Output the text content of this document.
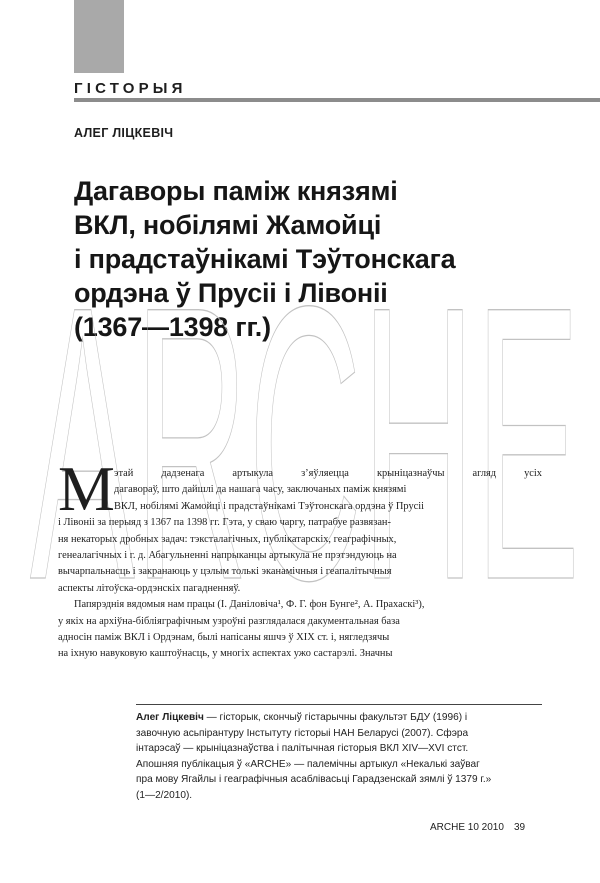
ГІСТОРЫЯ
АЛЕГ ЛІЦКЕВІЧ
Дагаворы паміж князямі
ВКЛ, нобілямі Жамойці
і прадстаўнікамі Тэўтонскага
ордэна ў Прусіі і Лівоніі
(1367—1398 гг.)
ARCHE
М этай дадзенага артыкула з’яўляецца крыніцазнаўчы агляд усіх
дагавораў, што дайшлі да нашага часу, заключаных паміж князямі
ВКЛ, нобілямі Жамойці і прадстаўнікамі Тэўтонскага ордэна ў Прусіі
і Лівоніі за перыяд з 1367 па 1398 гг. Гэта, у сваю чаргу, патрабуе развязан-
ня некаторых дробных задач: тэксталагічных, публікатарскіх, геаграфічных,
генеалагічных і г. д. Абагульненні напрыканцы артыкула не прэтэндуюць на
вычарпальнасць і закранаюць у цэлым толькі эканамічныя і геапалітычныя
аспекты літоўска-ордэнскіх пагадненняў.
Папярэднія вядомыя нам працы (І. Даніловіча¹, Ф. Г. фон Бунге², А. Прахаскі³),
у якіх на архіўна-бібліяграфічным узроўні разглядалася дакументальная база
адносін паміж ВКЛ і Ордэнам, былі напісаны яшчэ ў XIX ст. і, нягледзячы
на іхную навуковую каштоўнасць, у многіх аспектах ужо састарэлі. Значны
Алег Ліцкевіч — гісторык, скончыў гістарычны факультэт БДУ (1996) і
завочную асьпірантуру Інстытуту гісторыі НАН Беларусі (2007). Сфэра
інтарэсаў — крыніцазнаўства і палітычная гісторыя ВКЛ XIV—XVI стст.
Апошняя публікацыя ў «ARCHE» — палемічны артыкул «Некалькі заўваг
пра мову Ягайлы і геаграфічныя асаблівасьці Гарадзенскай зямлі ў 1379 г.»
(1—2/2010).
ARCHE 10 2010 39
